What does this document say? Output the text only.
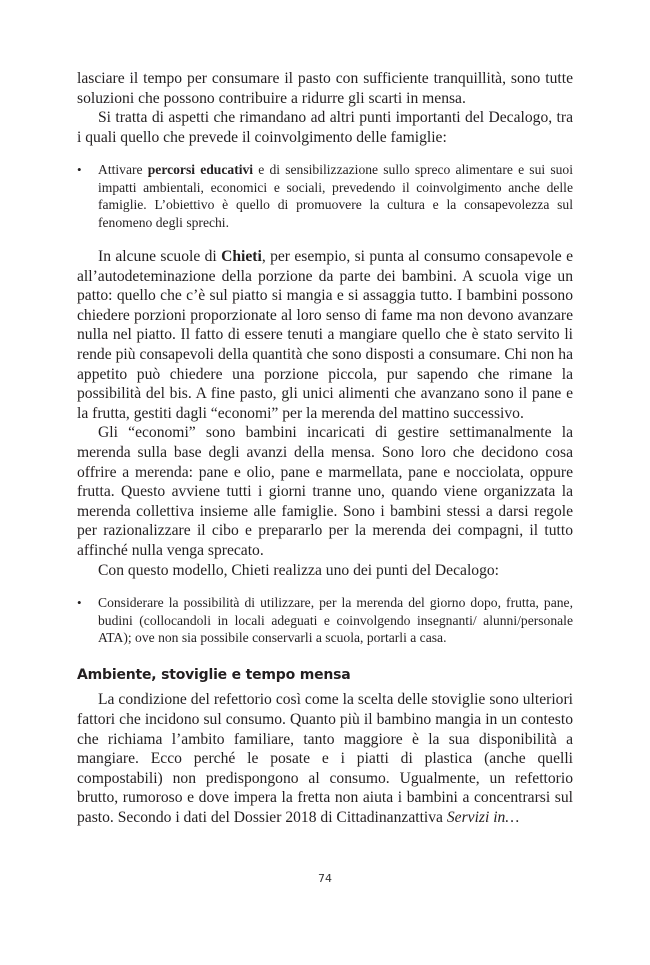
lasciare il tempo per consumare il pasto con sufficiente tranquillità, sono tutte soluzioni che possono contribuire a ridurre gli scarti in mensa.

Si tratta di aspetti che rimandano ad altri punti importanti del Decalogo, tra i quali quello che prevede il coinvolgimento delle famiglie:

• Attivare percorsi educativi e di sensibilizzazione sullo spreco alimentare e sui suoi impatti ambientali, economici e sociali, prevedendo il coinvolgimento anche delle famiglie. L’obiettivo è quello di promuovere la cultura e la consapevolezza sul fenomeno degli sprechi.

In alcune scuole di Chieti, per esempio, si punta al consumo consapevole e all’autodeteminazione della porzione da parte dei bambini. A scuola vige un patto: quello che c’è sul piatto si mangia e si assaggia tutto. I bambini possono chiedere porzioni proporzionate al loro senso di fame ma non devono avanzare nulla nel piatto. Il fatto di essere tenuti a mangiare quello che è stato servito li rende più consapevoli della quantità che sono disposti a consumare. Chi non ha appetito può chiedere una porzione piccola, pur sapendo che rimane la possibilità del bis. A fine pasto, gli unici alimenti che avanzano sono il pane e la frutta, gestiti dagli “economi” per la merenda del mattino successivo.

Gli “economi” sono bambini incaricati di gestire settimanalmente la merenda sulla base degli avanzi della mensa. Sono loro che decidono cosa offrire a merenda: pane e olio, pane e marmellata, pane e nocciolata, oppure frutta. Questo avviene tutti i giorni tranne uno, quando viene organizzata la merenda collettiva insieme alle famiglie. Sono i bambini stessi a darsi regole per razionalizzare il cibo e prepararlo per la merenda dei compagni, il tutto affinché nulla venga sprecato.

Con questo modello, Chieti realizza uno dei punti del Decalogo:

• Considerare la possibilità di utilizzare, per la merenda del giorno dopo, frutta, pane, budini (collocandoli in locali adeguati e coinvolgendo insegnanti/ alunni/personale ATA); ove non sia possibile conservarli a scuola, portarli a casa.

Ambiente, stoviglie e tempo mensa

La condizione del refettorio così come la scelta delle stoviglie sono ulteriori fattori che incidono sul consumo. Quanto più il bambino mangia in un contesto che richiama l’ambito familiare, tanto maggiore è la sua disponibilità a mangiare. Ecco perché le posate e i piatti di plastica (anche quelli compostabili) non predispongono al consumo. Ugualmente, un refettorio brutto, rumoroso e dove impera la fretta non aiuta i bambini a concentrarsi sul pasto. Secondo i dati del Dossier 2018 di Cittadinanzattiva Servizi in…

74
